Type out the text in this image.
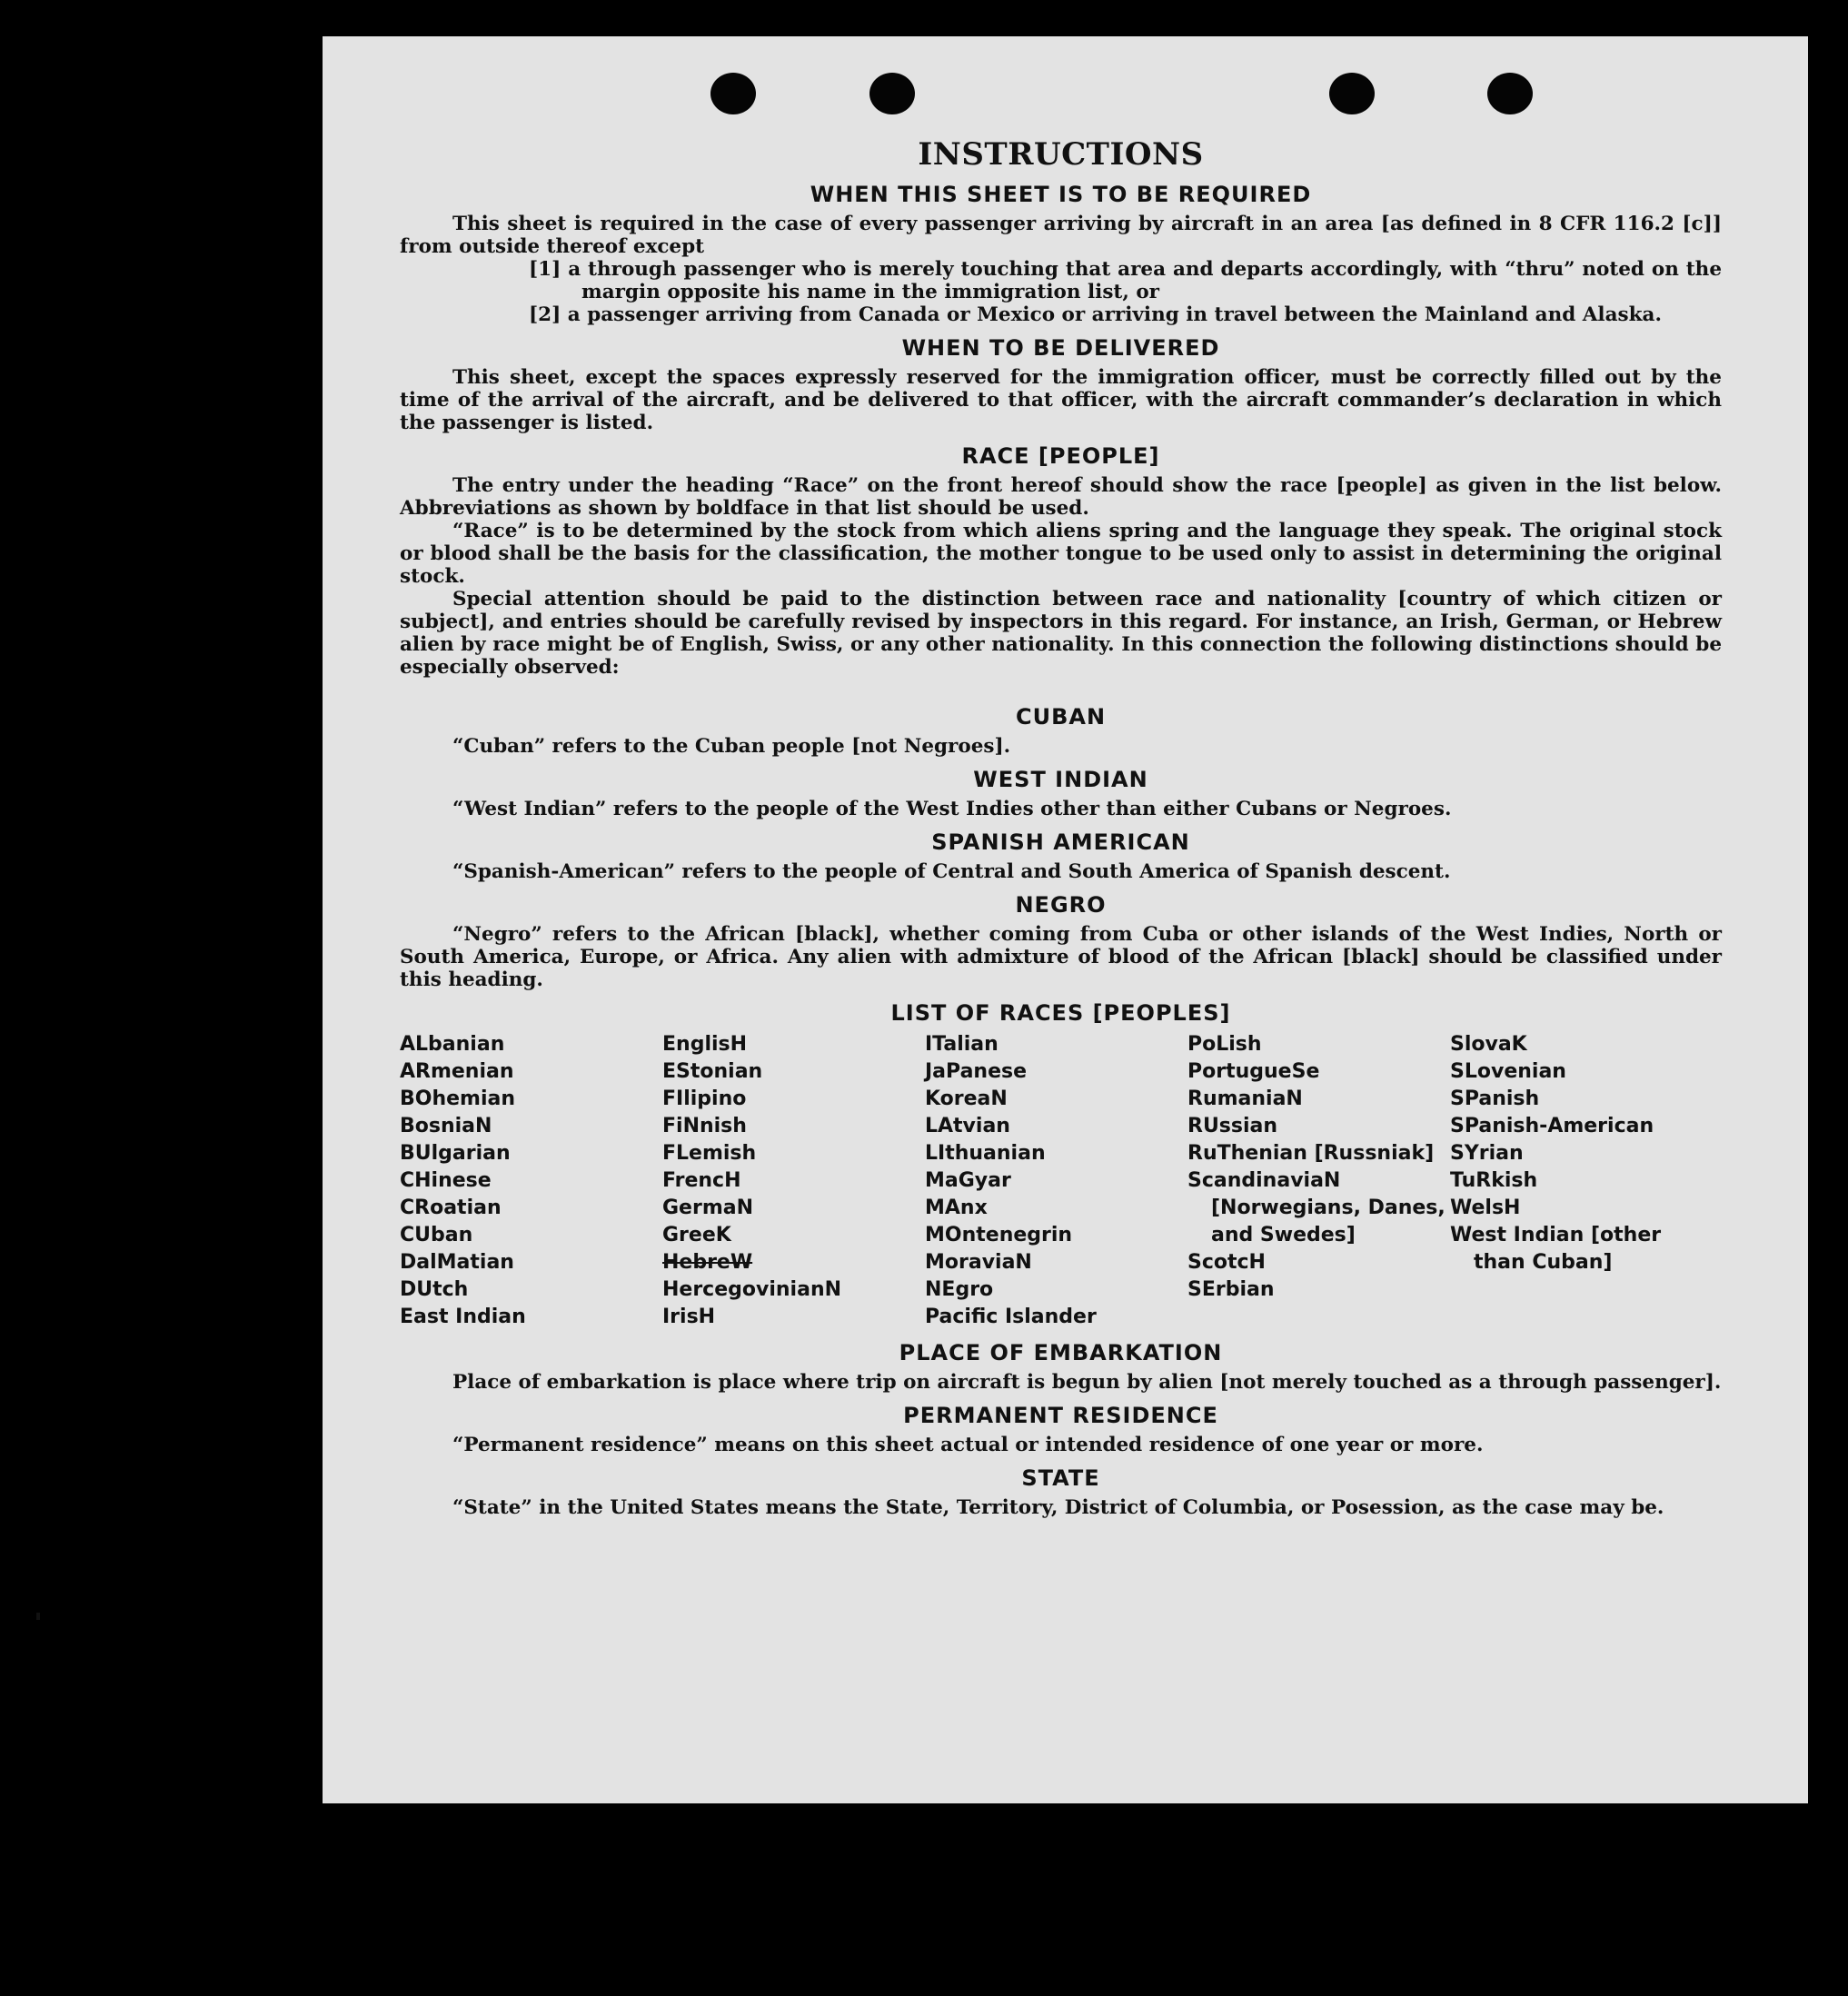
INSTRUCTIONS
WHEN THIS SHEET IS TO BE REQUIRED

This sheet is required in the case of every passenger arriving by aircraft in an area [as defined in 8 CFR 116.2 [c]] from outside thereof except

[1] a through passenger who is merely touching that area and departs accordingly, with “thru” noted on the margin opposite his name in the immigration list, or

[2] a passenger arriving from Canada or Mexico or arriving in travel between the Mainland and Alaska.

WHEN TO BE DELIVERED

This sheet, except the spaces expressly reserved for the immigration officer, must be correctly filled out by the time of the arrival of the aircraft, and be delivered to that officer, with the aircraft commander’s declaration in which the passenger is listed.

RACE [PEOPLE]

The entry under the heading “Race” on the front hereof should show the race [people] as given in the list below. Abbreviations as shown by boldface in that list should be used.

“Race” is to be determined by the stock from which aliens spring and the language they speak. The original stock or blood shall be the basis for the classification, the mother tongue to be used only to assist in determining the original stock.

Special attention should be paid to the distinction between race and nationality [country of which citizen or subject], and entries should be carefully revised by inspectors in this regard. For instance, an Irish, German, or Hebrew alien by race might be of English, Swiss, or any other nationality. In this connection the following distinctions should be especially observed:

CUBAN

“Cuban” refers to the Cuban people [not Negroes].

WEST INDIAN

“West Indian” refers to the people of the West Indies other than either Cubans or Negroes.

SPANISH AMERICAN

“Spanish-American” refers to the people of Central and South America of Spanish descent.

NEGRO

“Negro” refers to the African [black], whether coming from Cuba or other islands of the West Indies, North or South America, Europe, or Africa. Any alien with admixture of blood of the African [black] should be classified under this heading.

LIST OF RACES [PEOPLES]
ALbanian
ARmenian
BOhemian
BosniaN
BUlgarian
CHinese
CRoatian
CUban
DalMatian
DUtch
East Indian
EnglisH
EStonian
FIlipino
FiNnish
FLemish
FrencH
GermaN
GreeK
HebreW
HercegovinianN
IrisH
ITalian
JaPanese
KoreaN
LAtvian
LIthuanian
MaGyar
MAnx
MOntenegrin
MoraviaN
NEgro
Pacific Islander
PoLish
PortugueSe
RumaniaN
RUssian
RuThenian [Russniak]
ScandinaviaN [Norwegians, Danes, and Swedes]
ScotcH
SErbian
SlovaK
SLovenian
SPanish
SPanish-American
SYrian
TuRkish
WelsH
West Indian [other than Cuban]
PLACE OF EMBARKATION

Place of embarkation is place where trip on aircraft is begun by alien [not merely touched as a through passenger].

PERMANENT RESIDENCE

“Permanent residence” means on this sheet actual or intended residence of one year or more.

STATE

“State” in the United States means the State, Territory, District of Columbia, or Posession, as the case may be.
